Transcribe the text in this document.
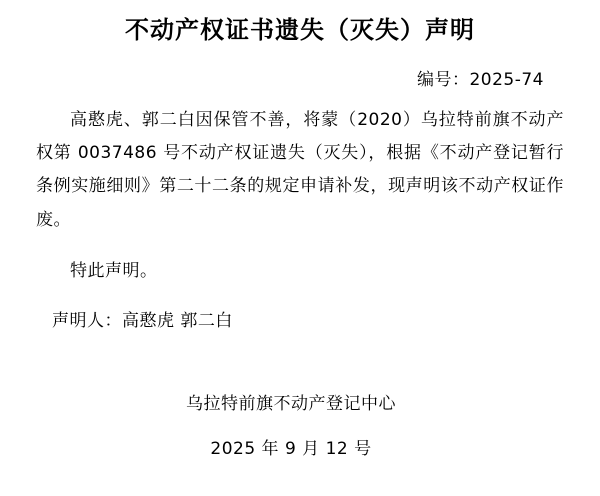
不动产权证书遗失（灭失）声明
编号：2025-74

高憨虎、郭二白因保管不善，将蒙（2020）乌拉特前旗不动产权第 0037486 号不动产权证遗失（灭失），根据《不动产登记暂行条例实施细则》第二十二条的规定申请补发，现声明该不动产权证作废。

特此声明。

声明人：高憨虎 郭二白
乌拉特前旗不动产登记中心
2025 年 9 月 12 号
